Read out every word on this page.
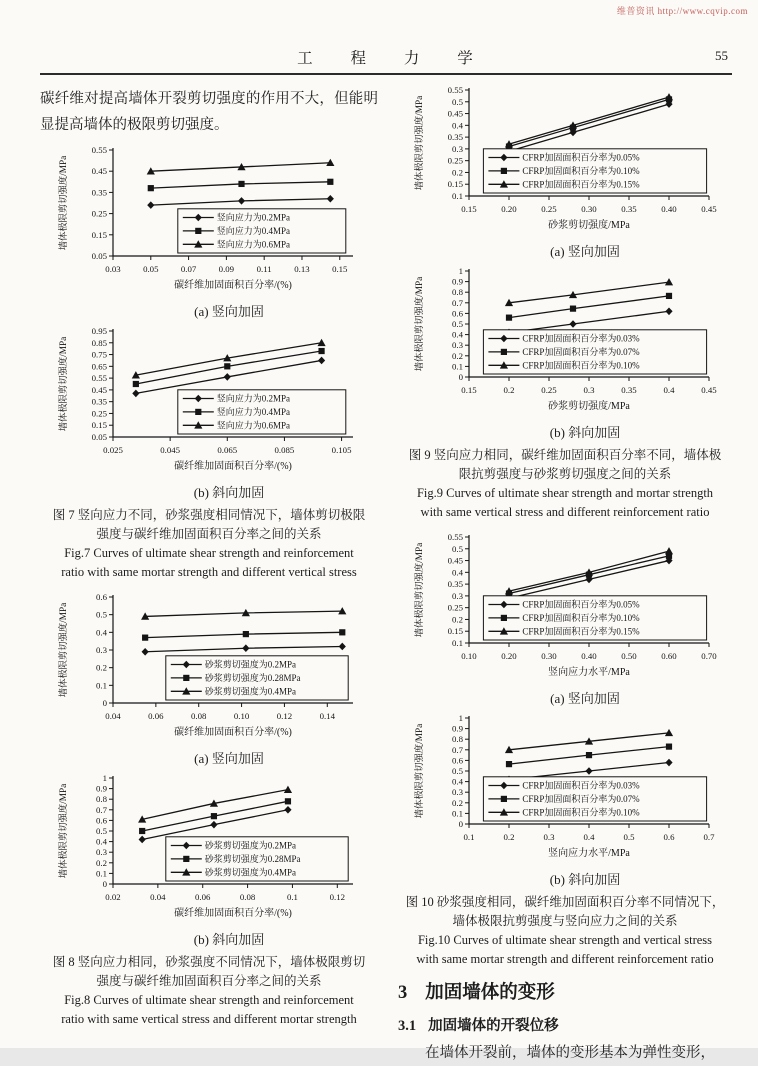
维普资讯 http://www.cqvip.com
工 程 力 学	55
碳纤维对提高墙体开裂剪切强度的作用不大，但能明显提高墙体的极限剪切强度。
0.05
0.15
0.25
0.35
0.45
0.55
0.03	0.05	0.07	0.09	0.11	0.13	0.15
碳纤维加固面积百分率/(%)
墙体极限剪切强度/MPa	竖向应力为0.2MPa
竖向应力为0.4MPa
竖向应力为0.6MPa
(a) 竖向加固
0.05
0.15
0.25
0.35
0.45
0.55
0.65
0.75
0.85
0.95
0.025	0.045	0.065	0.085	0.105
碳纤维加固面积百分率/(%)
墙体极限剪切强度/MPa	竖向应力为0.2MPa
竖向应力为0.4MPa
竖向应力为0.6MPa
(b) 斜向加固
图 7 竖向应力不同，砂浆强度相同情况下，墙体剪切极限
强度与碳纤维加固面积百分率之间的关系
Fig.7 Curves of ultimate shear strength and reinforcement
ratio with same mortar strength and different vertical stress
0
0.1
0.2
0.3
0.4
0.5
0.6
0.04	0.06	0.08	0.10	0.12	0.14
碳纤维加固面积百分率/(%)
墙体极限剪切强度/MPa	砂浆剪切强度为0.2MPa
砂浆剪切强度为0.28MPa
砂浆剪切强度为0.4MPa
(a) 竖向加固
0
0.1
0.2
0.3
0.4
0.5
0.6
0.7
0.8
0.9
1
0.02	0.04	0.06	0.08	0.1	0.12
碳纤维加固面积百分率/(%)
墙体极限剪切强度/MPa	砂浆剪切强度为0.2MPa
砂浆剪切强度为0.28MPa
砂浆剪切强度为0.4MPa
(b) 斜向加固
图 8 竖向应力相同，砂浆强度不同情况下，墙体极限剪切
强度与碳纤维加固面积百分率之间的关系
Fig.8 Curves of ultimate shear strength and reinforcement
ratio with same vertical stress and different mortar strength
0.1
0.15
0.2
0.25
0.3
0.35
0.4
0.45
0.5
0.55
0.15	0.20	0.25	0.30	0.35	0.40	0.45
砂浆剪切强度/MPa
墙体极限剪切强度/MPa	CFRP加固面积百分率为0.05%
CFRP加固面积百分率为0.10%
CFRP加固面积百分率为0.15%
(a) 竖向加固
0
0.1
0.2
0.3
0.4
0.5
0.6
0.7
0.8
0.9
1
0.15	0.2	0.25	0.3	0.35	0.4	0.45
砂浆剪切强度/MPa
墙体极限剪切强度/MPa	CFRP加固面积百分率为0.03%
CFRP加固面积百分率为0.07%
CFRP加固面积百分率为0.10%
(b) 斜向加固
图 9 竖向应力相同，碳纤维加固面积百分率不同，墙体极
限抗剪强度与砂浆剪切强度之间的关系
Fig.9 Curves of ultimate shear strength and mortar strength
with same vertical stress and different reinforcement ratio
0.1
0.15
0.2
0.25
0.3
0.35
0.4
0.45
0.5
0.55
0.10	0.20	0.30	0.40	0.50	0.60	0.70
竖向应力水平/MPa
墙体极限剪切强度/MPa	CFRP加固面积百分率为0.05%
CFRP加固面积百分率为0.10%
CFRP加固面积百分率为0.15%
(a) 竖向加固
0
0.1
0.2
0.3
0.4
0.5
0.6
0.7
0.8
0.9
1
0.1	0.2	0.3	0.4	0.5	0.6	0.7
竖向应力水平/MPa
墙体极限剪切强度/MPa	CFRP加固面积百分率为0.03%
CFRP加固面积百分率为0.07%
CFRP加固面积百分率为0.10%
(b) 斜向加固
图 10 砂浆强度相同，碳纤维加固面积百分率不同情况下，
墙体极限抗剪强度与竖向应力之间的关系
Fig.10 Curves of ultimate shear strength and vertical stress
with same mortar strength and different reinforcement ratio
3 加固墙体的变形
3.1 加固墙体的开裂位移
在墙体开裂前，墙体的变形基本为弹性变形，
